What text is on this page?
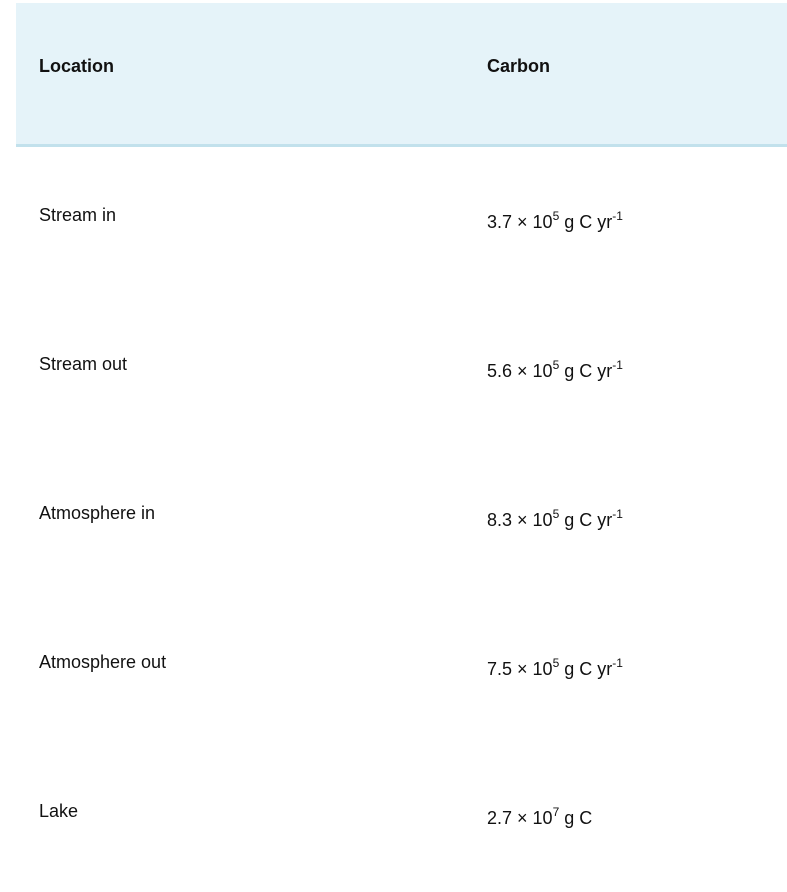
Location	Carbon
Stream in	$3.7 \times 10^5$ g C $yr^{-1}$
Stream out	$5.6 \times 10^5$ g C $yr^{-1}$
Atmosphere in	$8.3 \times 10^5$ g C $yr^{-1}$
Atmosphere out	$7.5 \times 10^5$ g C $yr^{-1}$
Lake	$2.7 \times 10^7$ g C
